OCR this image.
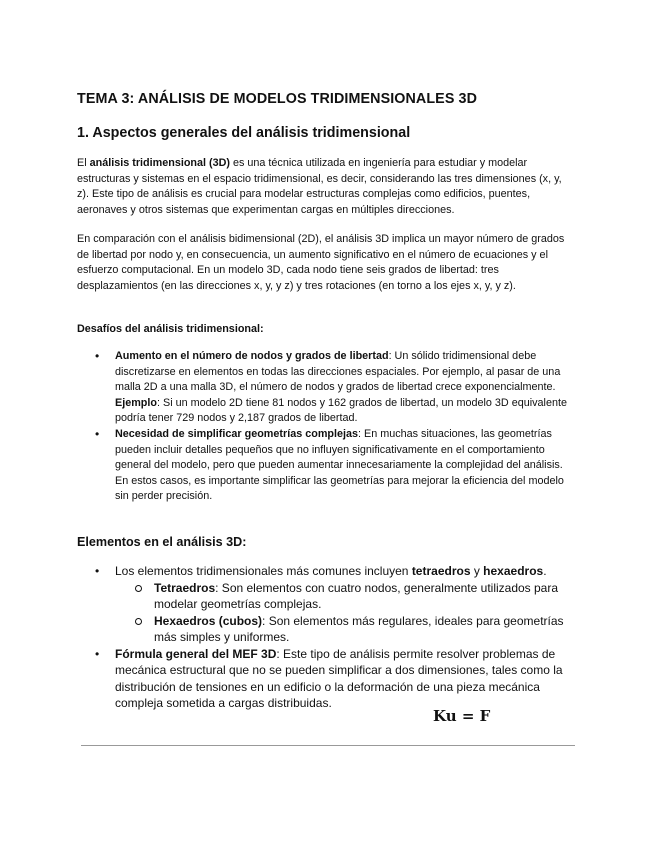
TEMA 3: ANÁLISIS DE MODELOS TRIDIMENSIONALES 3D
1. Aspectos generales del análisis tridimensional

El análisis tridimensional (3D) es una técnica utilizada en ingeniería para estudiar y modelar estructuras y sistemas en el espacio tridimensional, es decir, considerando las tres dimensiones (x, y, z). Este tipo de análisis es crucial para modelar estructuras complejas como edificios, puentes, aeronaves y otros sistemas que experimentan cargas en múltiples direcciones.

En comparación con el análisis bidimensional (2D), el análisis 3D implica un mayor número de grados de libertad por nodo y, en consecuencia, un aumento significativo en el número de ecuaciones y el esfuerzo computacional. En un modelo 3D, cada nodo tiene seis grados de libertad: tres desplazamientos (en las direcciones x, y, y z) y tres rotaciones (en torno a los ejes x, y, y z).

Desafíos del análisis tridimensional:

• Aumento en el número de nodos y grados de libertad: Un sólido tridimensional debe discretizarse en elementos en todas las direcciones espaciales. Por ejemplo, al pasar de una malla 2D a una malla 3D, el número de nodos y grados de libertad crece exponencialmente.
Ejemplo: Si un modelo 2D tiene 81 nodos y 162 grados de libertad, un modelo 3D equivalente podría tener 729 nodos y 2,187 grados de libertad.
• Necesidad de simplificar geometrías complejas: En muchas situaciones, las geometrías pueden incluir detalles pequeños que no influyen significativamente en el comportamiento general del modelo, pero que pueden aumentar innecesariamente la complejidad del análisis. En estos casos, es importante simplificar las geometrías para mejorar la eficiencia del modelo sin perder precisión.
Elementos en el análisis 3D:
• Los elementos tridimensionales más comunes incluyen tetraedros y hexaedros.
Tetraedros: Son elementos con cuatro nodos, generalmente utilizados para modelar geometrías complejas.
Hexaedros (cubos): Son elementos más regulares, ideales para geometrías más simples y uniformes.
• Fórmula general del MEF 3D: Este tipo de análisis permite resolver problemas de mecánica estructural que no se pueden simplificar a dos dimensiones, tales como la distribución de tensiones en un edificio o la deformación de una pieza mecánica compleja sometida a cargas distribuidas.

Ku = F
